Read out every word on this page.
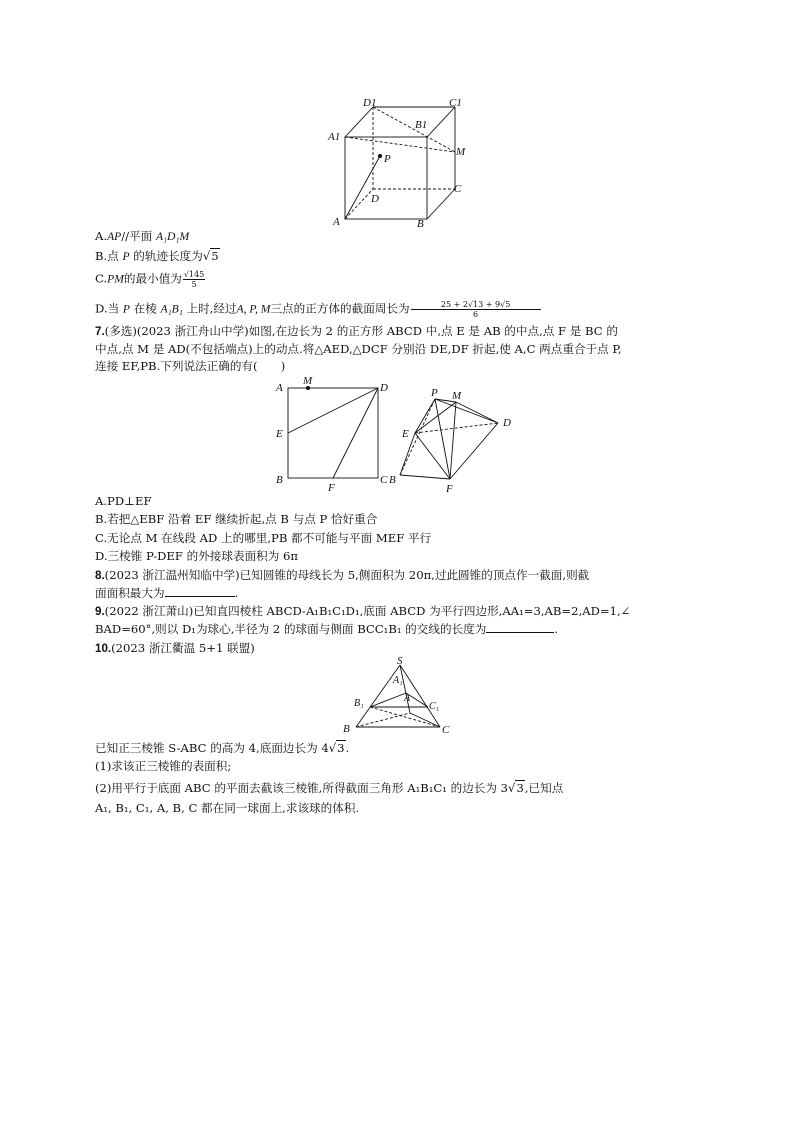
D1	C1
A1
B1
M
P
D
C
A	B
A.AP//平面 A₁D₁M
B.点 P 的轨迹长度为√5
C.PM的最小值为 $\frac{√145}{5}$
D.当 P 在棱 A₁B₁ 上时,经过A, P, M三点的正方体的截面周长为 $\frac{25 + 2√13 + 9√5}{6}$
7.(多选)(2023 浙江舟山中学)如图,在边长为 2 的正方形 ABCD 中,点 E 是 AB 的中点,点 F 是 BC 的
中点,点 M 是 AD(不包括端点)上的动点.将△AED,△DCF 分别沿 DE,DF 折起,使 A,C 两点重合于点 P,
连接 EF,PB.下列说法正确的有(　　)
A
M
D
E
B
F
C
P M
D
E
B
F
A.PD⊥EF
B.若把△EBF 沿着 EF 继续折起,点 B 与点 P 恰好重合
C.无论点 M 在线段 AD 上的哪里,PB 都不可能与平面 MEF 平行
D.三棱锥 P-DEF 的外接球表面积为 6π
8.(2023 浙江温州知临中学)已知圆锥的母线长为 5,侧面积为 20π,过此圆锥的顶点作一截面,则截
面面积最大为	.
9.(2022 浙江萧山)已知直四棱柱 ABCD-A₁B₁C₁D₁,底面 ABCD 为平行四边形,AA₁=3,AB=2,AD=1,∠
BAD=60°,则以 D₁为球心,半径为 2 的球面与侧面 BCC₁B₁ 的交线的长度为	.
10.(2023 浙江衢温 5+1 联盟)
S
A₁
A
B₁	C₁
B	C
已知正三棱锥 S-ABC 的高为 4,底面边长为 4√3.
(1)求该正三棱锥的表面积;
(2)用平行于底面 ABC 的平面去截该三棱锥,所得截面三角形 A₁B₁C₁ 的边长为 3√3,已知点
A₁, B₁, C₁, A, B, C 都在同一球面上,求该球的体积.
